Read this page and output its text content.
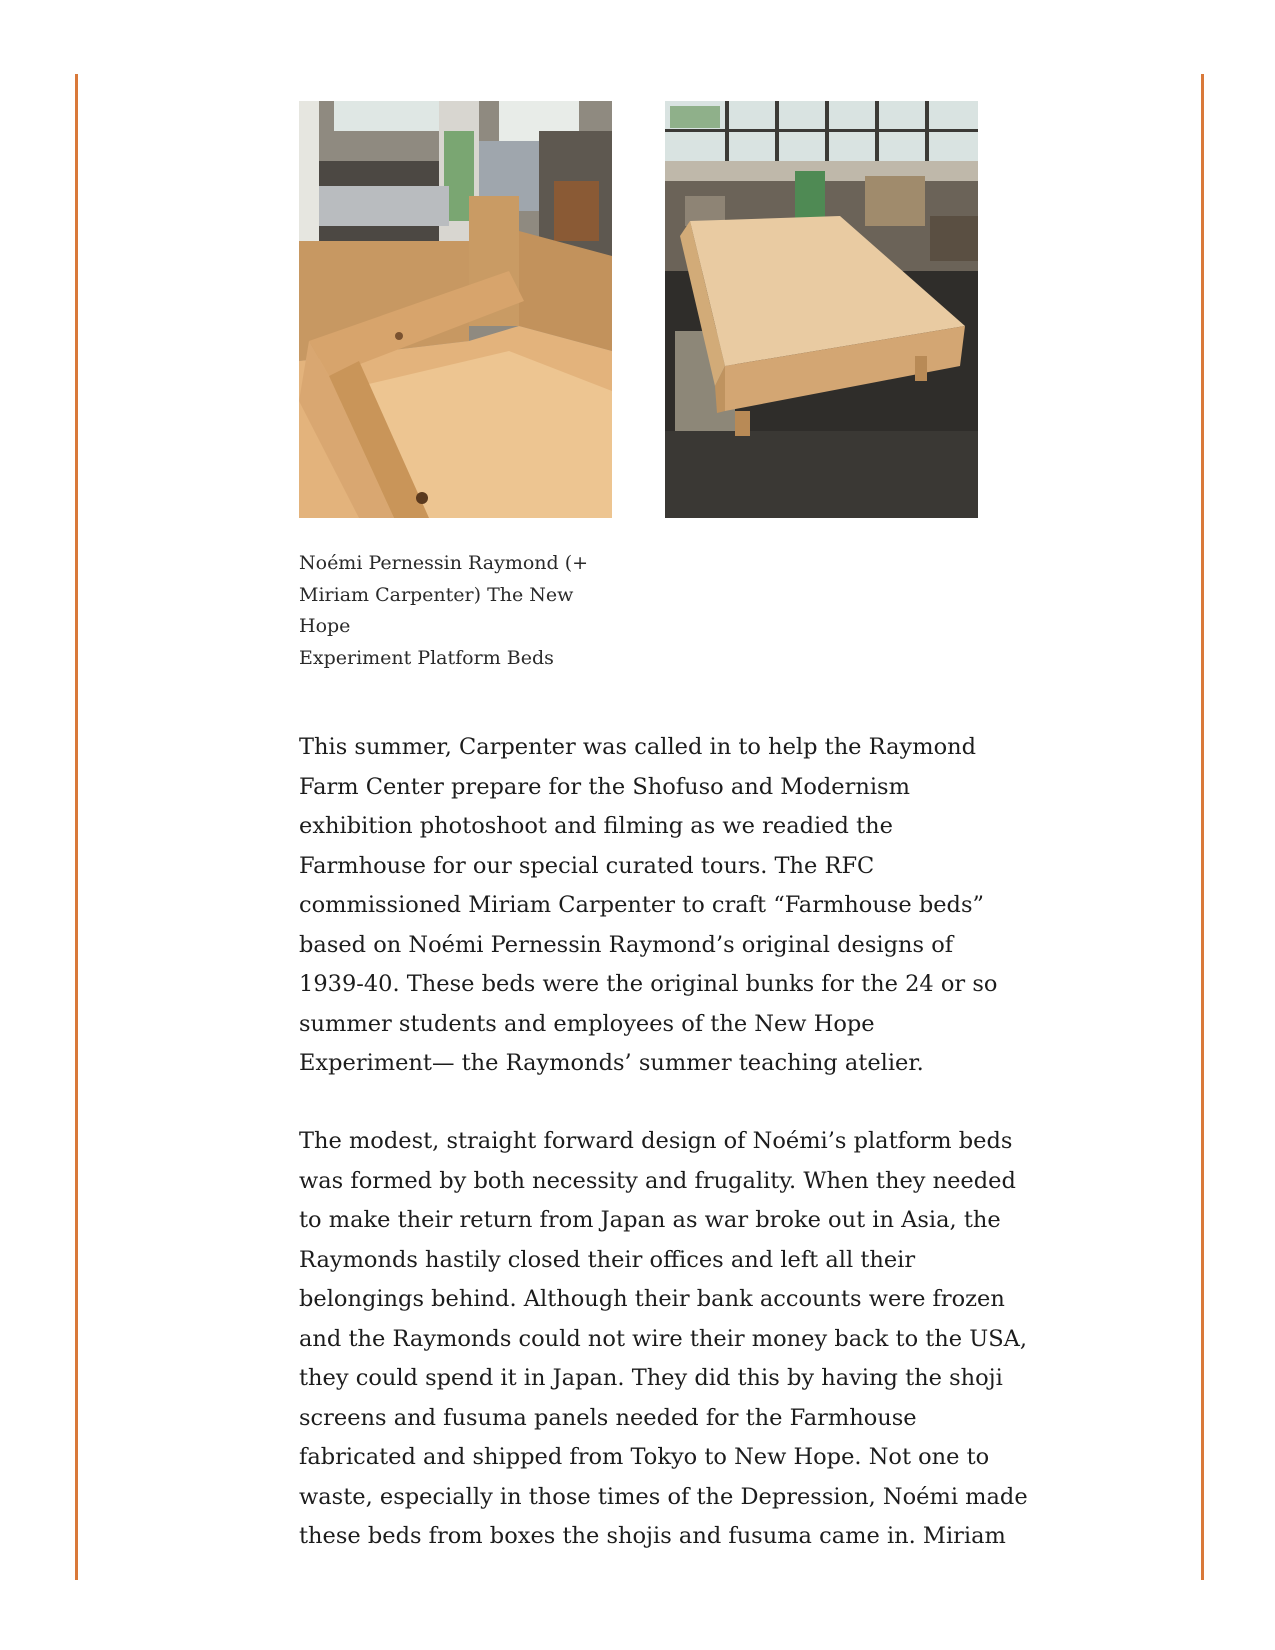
Noémi Pernessin Raymond (+
Miriam Carpenter) The New Hope
Experiment Platform Beds

This summer, Carpenter was called in to help the Raymond
Farm Center prepare for the Shofuso and Modernism
exhibition photoshoot and filming as we readied the
Farmhouse for our special curated tours. The RFC
commissioned Miriam Carpenter to craft “Farmhouse beds”
based on Noémi Pernessin Raymond’s original designs of
1939-40. These beds were the original bunks for the 24 or so
summer students and employees of the New Hope
Experiment— the Raymonds’ summer teaching atelier.

The modest, straight forward design of Noémi’s platform beds
was formed by both necessity and frugality. When they needed
to make their return from Japan as war broke out in Asia, the
Raymonds hastily closed their offices and left all their
belongings behind. Although their bank accounts were frozen
and the Raymonds could not wire their money back to the USA,
they could spend it in Japan. They did this by having the shoji
screens and fusuma panels needed for the Farmhouse
fabricated and shipped from Tokyo to New Hope. Not one to
waste, especially in those times of the Depression, Noémi made
these beds from boxes the shojis and fusuma came in. Miriam
